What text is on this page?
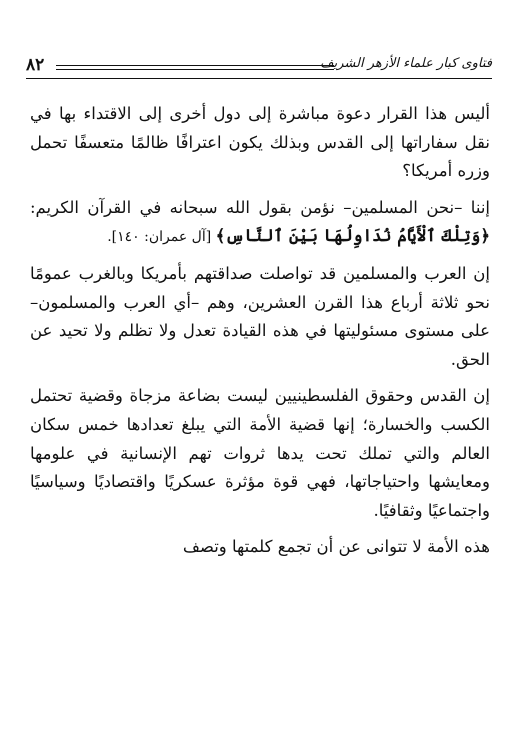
فتاوى كبار علماء الأزهر الشريف
٨٢

أليس هذا القرار دعوة مباشرة إلى دول أخرى إلى الاقتداء بها في نقل سفاراتها إلى القدس وبذلك يكون اعترافًا ظالمًا متعسفًا تحمل وزره أمريكا؟

إننا –نحن المسلمين– نؤمن بقول الله سبحانه في القرآن الكريم: ﴿وَتِلْكَ ٱلْأَيَّامُ نُدَاوِلُهَا بَيْنَ ٱلنَّاسِ﴾ [آل عمران: ١٤٠].

إن العرب والمسلمين قد تواصلت صداقتهم بأمريكا وبالغرب عمومًا نحو ثلاثة أرباع هذا القرن العشرين، وهم –أي العرب والمسلمون– على مستوى مسئوليتها في هذه القيادة تعدل ولا تظلم ولا تحيد عن الحق.

إن القدس وحقوق الفلسطينيين ليست بضاعة مزجاة وقضية تحتمل الكسب والخسارة؛ إنها قضية الأمة التي يبلغ تعدادها خمس سكان العالم والتي تملك تحت يدها ثروات تهم الإنسانية في علومها ومعايشها واحتياجاتها، فهي قوة مؤثرة عسكريًا واقتصاديًا وسياسيًا واجتماعيًا وثقافيًا.

هذه الأمة لا تتوانى عن أن تجمع كلمتها وتصف
